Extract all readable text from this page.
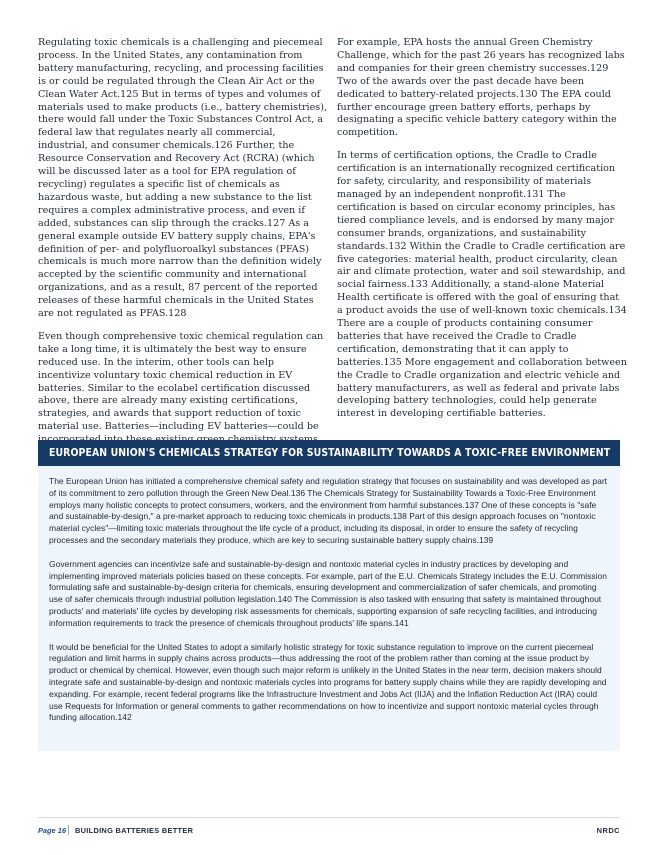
Regulating toxic chemicals is a challenging and piecemeal process. In the United States, any contamination from battery manufacturing, recycling, and processing facilities is or could be regulated through the Clean Air Act or the Clean Water Act.125 But in terms of types and volumes of materials used to make products (i.e., battery chemistries), there would fall under the Toxic Substances Control Act, a federal law that regulates nearly all commercial, industrial, and consumer chemicals.126 Further, the Resource Conservation and Recovery Act (RCRA) (which will be discussed later as a tool for EPA regulation of recycling) regulates a specific list of chemicals as hazardous waste, but adding a new substance to the list requires a complex administrative process, and even if added, substances can slip through the cracks.127 As a general example outside EV battery supply chains, EPA's definition of per- and polyfluoroalkyl substances (PFAS) chemicals is much more narrow than the definition widely accepted by the scientific community and international organizations, and as a result, 87 percent of the reported releases of these harmful chemicals in the United States are not regulated as PFAS.128

Even though comprehensive toxic chemical regulation can take a long time, it is ultimately the best way to ensure reduced use. In the interim, other tools can help incentivize voluntary toxic chemical reduction in EV batteries. Similar to the ecolabel certification discussed above, there are already many existing certifications, strategies, and awards that support reduction of toxic material use. Batteries—including EV batteries—could be

For example, EPA hosts the annual Green Chemistry Challenge, which for the past 26 years has recognized labs and companies for their green chemistry successes.129 Two of the awards over the past decade have been dedicated to battery-related projects.130 The EPA could further encourage green battery efforts, perhaps by designating a specific vehicle battery category within the competition.

In terms of certification options, the Cradle to Cradle certification is an internationally recognized certification for safety, circularity, and responsibility of materials managed by an independent nonprofit.131 The certification is based on circular economy principles, has tiered compliance levels, and is endorsed by many major consumer brands, organizations, and sustainability standards.132 Within the Cradle to Cradle certification are five categories: material health, product circularity, clean air and climate protection, water and soil stewardship, and social fairness.133 Additionally, a stand-alone Material Health certificate is offered with the goal of ensuring that a product avoids the use of well-known toxic chemicals.134 There are a couple of products containing consumer batteries that have received the Cradle to Cradle certification, demonstrating that it can apply to batteries.135 More engagement and collaboration between the Cradle to Cradle organization and electric vehicle and battery manufacturers, as well as federal and private labs developing battery technologies, could help generate interest in developing certifiable batteries.

EUROPEAN UNION'S CHEMICALS STRATEGY FOR SUSTAINABILITY TOWARDS A TOXIC-FREE ENVIRONMENT

The European Union has initiated a comprehensive chemical safety and regulation strategy that focuses on sustainability and was developed as part of its commitment to zero pollution through the Green New Deal.136 The Chemicals Strategy for Sustainability Towards a Toxic-Free Environment employs many holistic concepts to protect consumers, workers, and the environment from harmful substances.137 One of these concepts is "safe and sustainable-by-design," a pre-market approach to reducing toxic chemicals in products.138 Part of this design approach focuses on "nontoxic material cycles"—limiting toxic materials throughout the life cycle of a product, including its disposal, in order to ensure the safety of recycling processes and the secondary materials they produce, which are key to securing sustainable battery supply chains.139

Government agencies can incentivize safe and sustainable-by-design and nontoxic material cycles in industry practices by developing and implementing improved materials policies based on these concepts. For example, part of the E.U. Chemicals Strategy includes the E.U. Commission formulating safe and sustainable-by-design criteria for chemicals, ensuring development and commercialization of safer chemicals, and promoting use of safer chemicals through industrial pollution legislation.140 The Commission is also tasked with ensuring that safety is maintained throughout products' and materials' life cycles by developing risk assessments for chemicals, supporting expansion of safe recycling facilities, and introducing information requirements to track the presence of chemicals throughout products' life spans.141

It would be beneficial for the United States to adopt a similarly holistic strategy for toxic substance regulation to improve on the current piecemeal regulation and limit harms in supply chains across products—thus addressing the root of the problem rather than coming at the issue product by product or chemical by chemical. However, even though such major reform is unlikely in the United States in the near term, decision makers should integrate safe and sustainable-by-design and nontoxic materials cycles into programs for battery supply chains while they are rapidly developing and expanding. For example, recent federal programs like the Infrastructure Investment and Jobs Act (IIJA) and the Inflation Reduction Act (IRA) could use Requests for Information or general comments to gather recommendations on how to incentivize and support nontoxic material cycles through funding allocation.142

Page 16 BUILDING BATTERIES BETTER	NRDC
